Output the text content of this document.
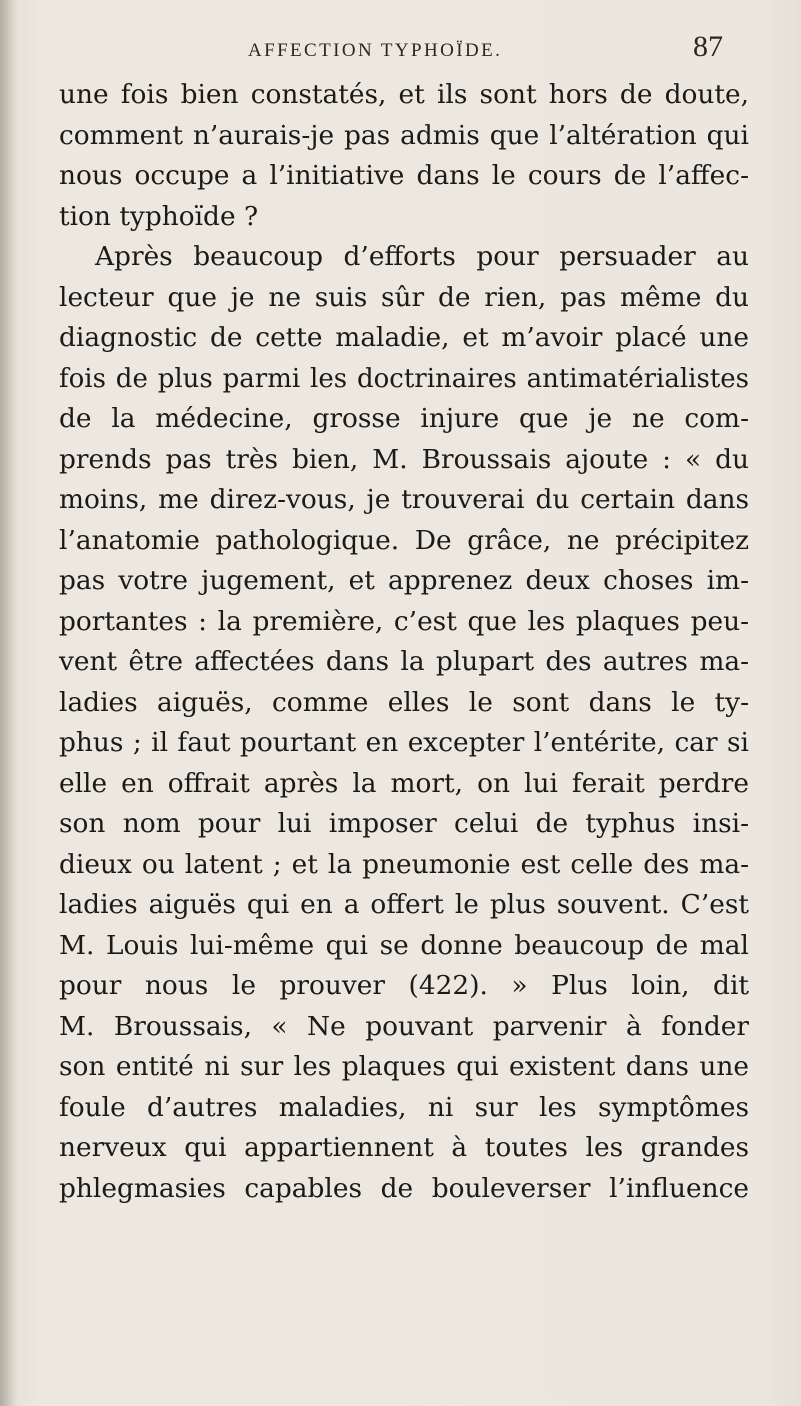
AFFECTION TYPHOÏDE.	87
une fois bien constatés, et ils sont hors de doute,
comment n’aurais-je pas admis que l’altération qui
nous occupe a l’initiative dans le cours de l’affec-
tion typhoïde ?
Après beaucoup d’efforts pour persuader au
lecteur que je ne suis sûr de rien, pas même du
diagnostic de cette maladie, et m’avoir placé une
fois de plus parmi les doctrinaires antimatérialistes
de la médecine, grosse injure que je ne com-
prends pas très bien, M. Broussais ajoute : « du
moins, me direz-vous, je trouverai du certain dans
l’anatomie pathologique. De grâce, ne précipitez
pas votre jugement, et apprenez deux choses im-
portantes : la première, c’est que les plaques peu-
vent être affectées dans la plupart des autres ma-
ladies aiguës, comme elles le sont dans le ty-
phus ; il faut pourtant en excepter l’entérite, car si
elle en offrait après la mort, on lui ferait perdre
son nom pour lui imposer celui de typhus insi-
dieux ou latent ; et la pneumonie est celle des ma-
ladies aiguës qui en a offert le plus souvent. C’est
M. Louis lui-même qui se donne beaucoup de mal
pour nous le prouver (422). » Plus loin, dit
M. Broussais, « Ne pouvant parvenir à fonder
son entité ni sur les plaques qui existent dans une
foule d’autres maladies, ni sur les symptômes
nerveux qui appartiennent à toutes les grandes
phlegmasies capables de bouleverser l’influence
